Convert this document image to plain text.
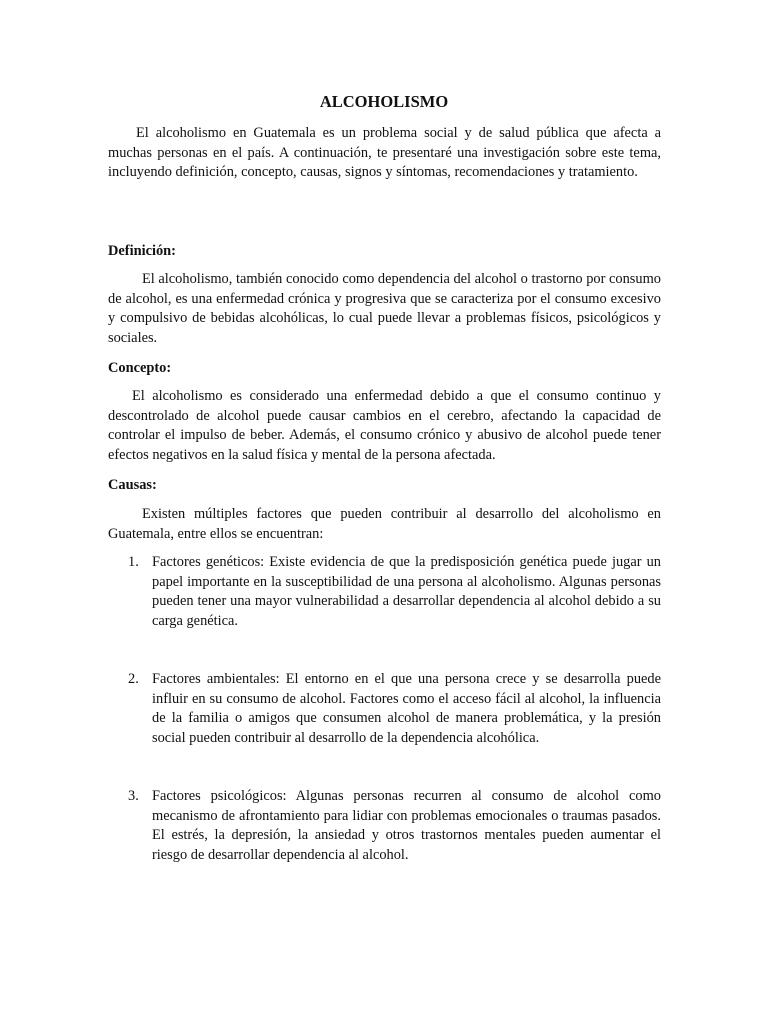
ALCOHOLISMO

El alcoholismo en Guatemala es un problema social y de salud pública que afecta a muchas personas en el país. A continuación, te presentaré una investigación sobre este tema, incluyendo definición, concepto, causas, signos y síntomas, recomendaciones y tratamiento.

Definición:

El alcoholismo, también conocido como dependencia del alcohol o trastorno por consumo de alcohol, es una enfermedad crónica y progresiva que se caracteriza por el consumo excesivo y compulsivo de bebidas alcohólicas, lo cual puede llevar a problemas físicos, psicológicos y sociales.

Concepto:

El alcoholismo es considerado una enfermedad debido a que el consumo continuo y descontrolado de alcohol puede causar cambios en el cerebro, afectando la capacidad de controlar el impulso de beber. Además, el consumo crónico y abusivo de alcohol puede tener efectos negativos en la salud física y mental de la persona afectada.

Causas:

Existen múltiples factores que pueden contribuir al desarrollo del alcoholismo en Guatemala, entre ellos se encuentran:

1. Factores genéticos: Existe evidencia de que la predisposición genética puede jugar un papel importante en la susceptibilidad de una persona al alcoholismo. Algunas personas pueden tener una mayor vulnerabilidad a desarrollar dependencia al alcohol debido a su carga genética.
2. Factores ambientales: El entorno en el que una persona crece y se desarrolla puede influir en su consumo de alcohol. Factores como el acceso fácil al alcohol, la influencia de la familia o amigos que consumen alcohol de manera problemática, y la presión social pueden contribuir al desarrollo de la dependencia alcohólica.
3. Factores psicológicos: Algunas personas recurren al consumo de alcohol como mecanismo de afrontamiento para lidiar con problemas emocionales o traumas pasados. El estrés, la depresión, la ansiedad y otros trastornos mentales pueden aumentar el riesgo de desarrollar dependencia al alcohol.
